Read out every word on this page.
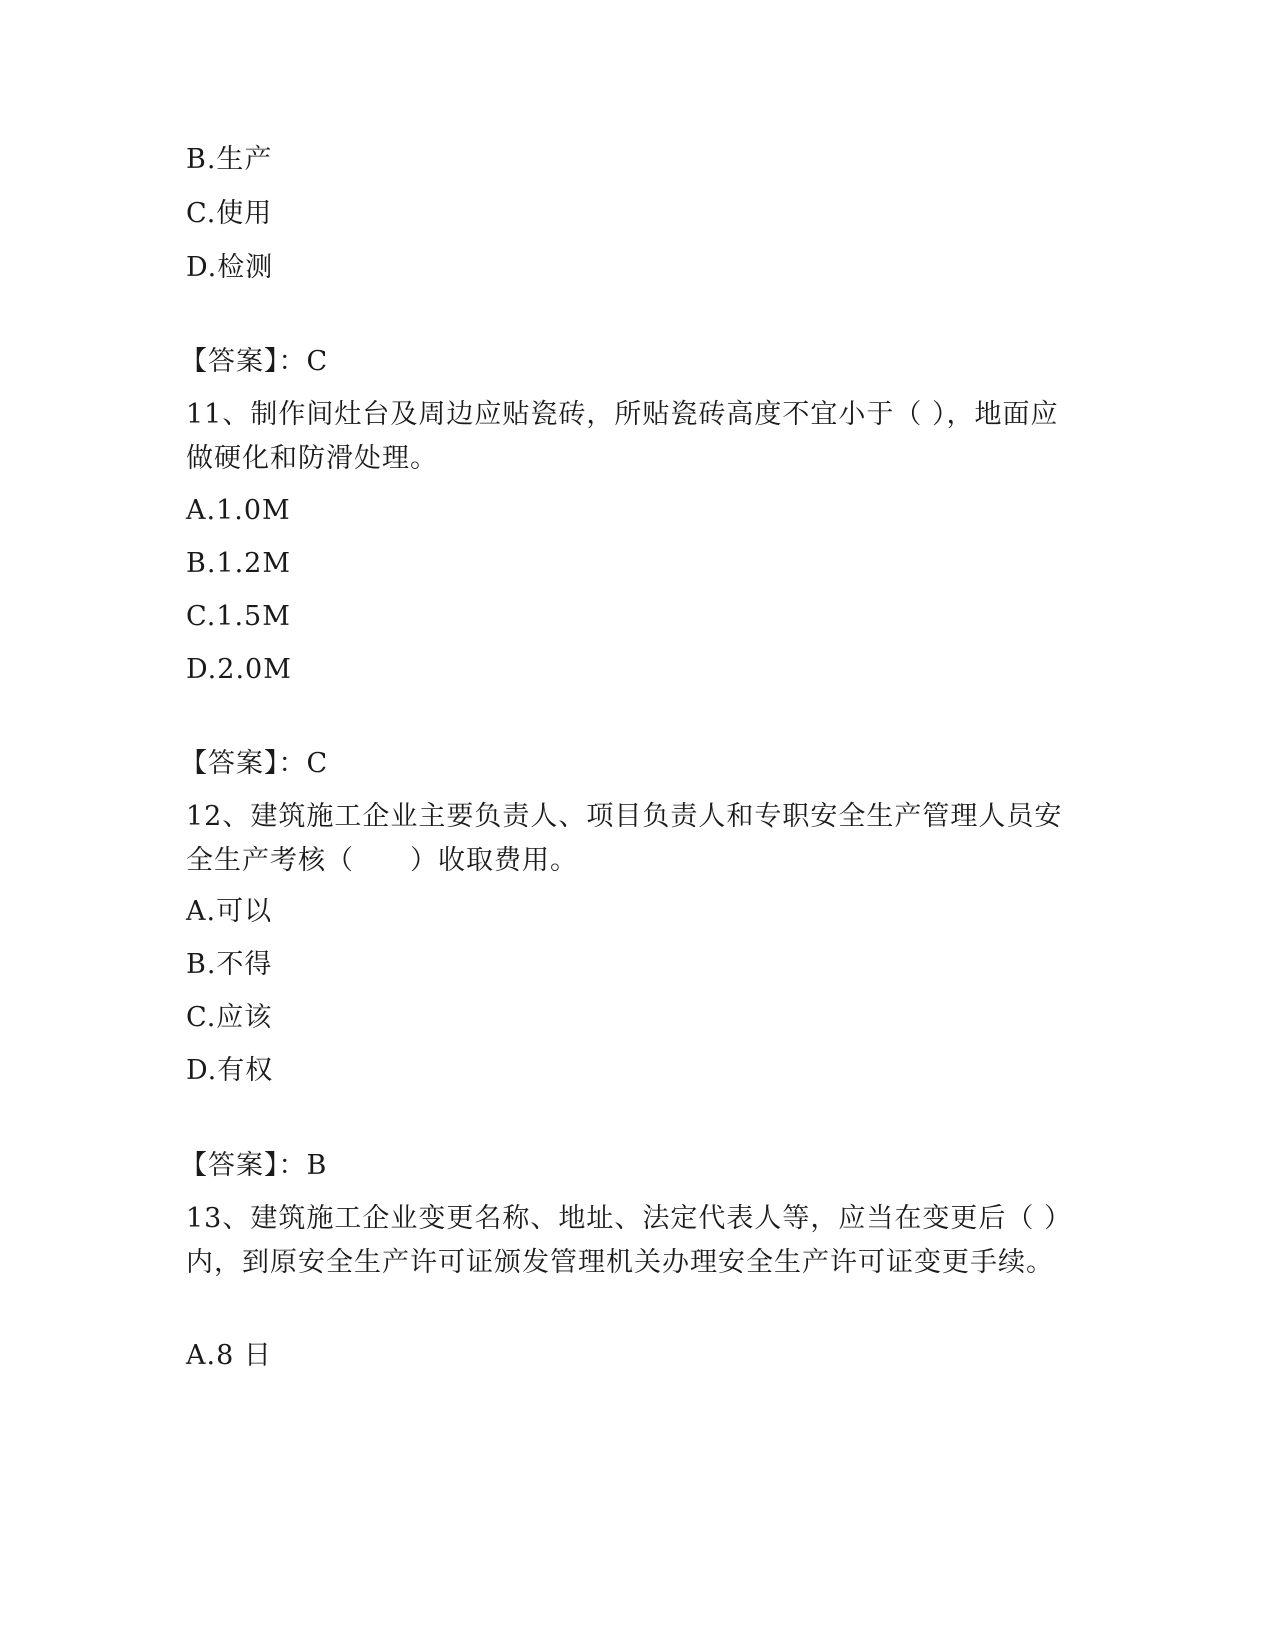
B.生产
C.使用
D.检测
【答案】：C
11、制作间灶台及周边应贴瓷砖，所贴瓷砖高度不宜小于（ ），地面应做硬化和防滑处理。
A.1.0M
B.1.2M
C.1.5M
D.2.0M
【答案】：C
12、建筑施工企业主要负责人、项目负责人和专职安全生产管理人员安全生产考核（　　）收取费用。
A.可以
B.不得
C.应该
D.有权
【答案】：B
13、建筑施工企业变更名称、地址、法定代表人等，应当在变更后（ ）内，到原安全生产许可证颁发管理机关办理安全生产许可证变更手续。
A.8 日
